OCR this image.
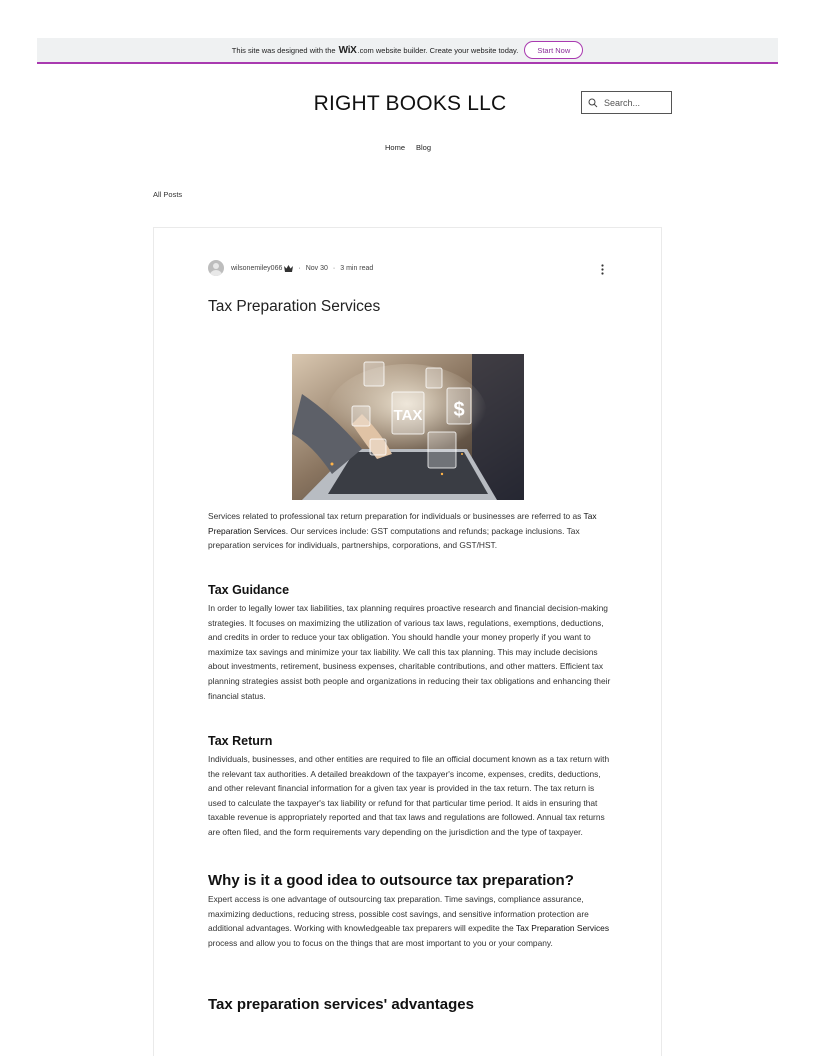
This site was designed with the
WiX .com website builder. Create your website today.	Start Now
RIGHT BOOKS LLC
Search...
Home Blog
All Posts
wilsonemiley066 · Nov 30 · 3 min read
Tax Preparation Services
TAX $

Services related to professional tax return preparation for individuals or businesses are referred to as Tax Preparation Services. Our services include: GST computations and refunds; package inclusions. Tax preparation services for individuals, partnerships, corporations, and GST/HST.

Tax Guidance

In order to legally lower tax liabilities, tax planning requires proactive research and financial decision-making strategies. It focuses on maximizing the utilization of various tax laws, regulations, exemptions, deductions, and credits in order to reduce your tax obligation. You should handle your money properly if you want to maximize tax savings and minimize your tax liability. We call this tax planning. This may include decisions about investments, retirement, business expenses, charitable contributions, and other matters. Efficient tax planning strategies assist both people and organizations in reducing their tax obligations and enhancing their financial status.

Tax Return

Individuals, businesses, and other entities are required to file an official document known as a tax return with the relevant tax authorities. A detailed breakdown of the taxpayer's income, expenses, credits, deductions, and other relevant financial information for a given tax year is provided in the tax return. The tax return is used to calculate the taxpayer's tax liability or refund for that particular time period. It aids in ensuring that taxable revenue is appropriately reported and that tax laws and regulations are followed. Annual tax returns are often filed, and the form requirements vary depending on the jurisdiction and the type of taxpayer.

Why is it a good idea to outsource tax preparation?

Expert access is one advantage of outsourcing tax preparation. Time savings, compliance assurance, maximizing deductions, reducing stress, possible cost savings, and sensitive information protection are additional advantages. Working with knowledgeable tax preparers will expedite the Tax Preparation Services process and allow you to focus on the things that are most important to you or your company.

Tax preparation services' advantages
